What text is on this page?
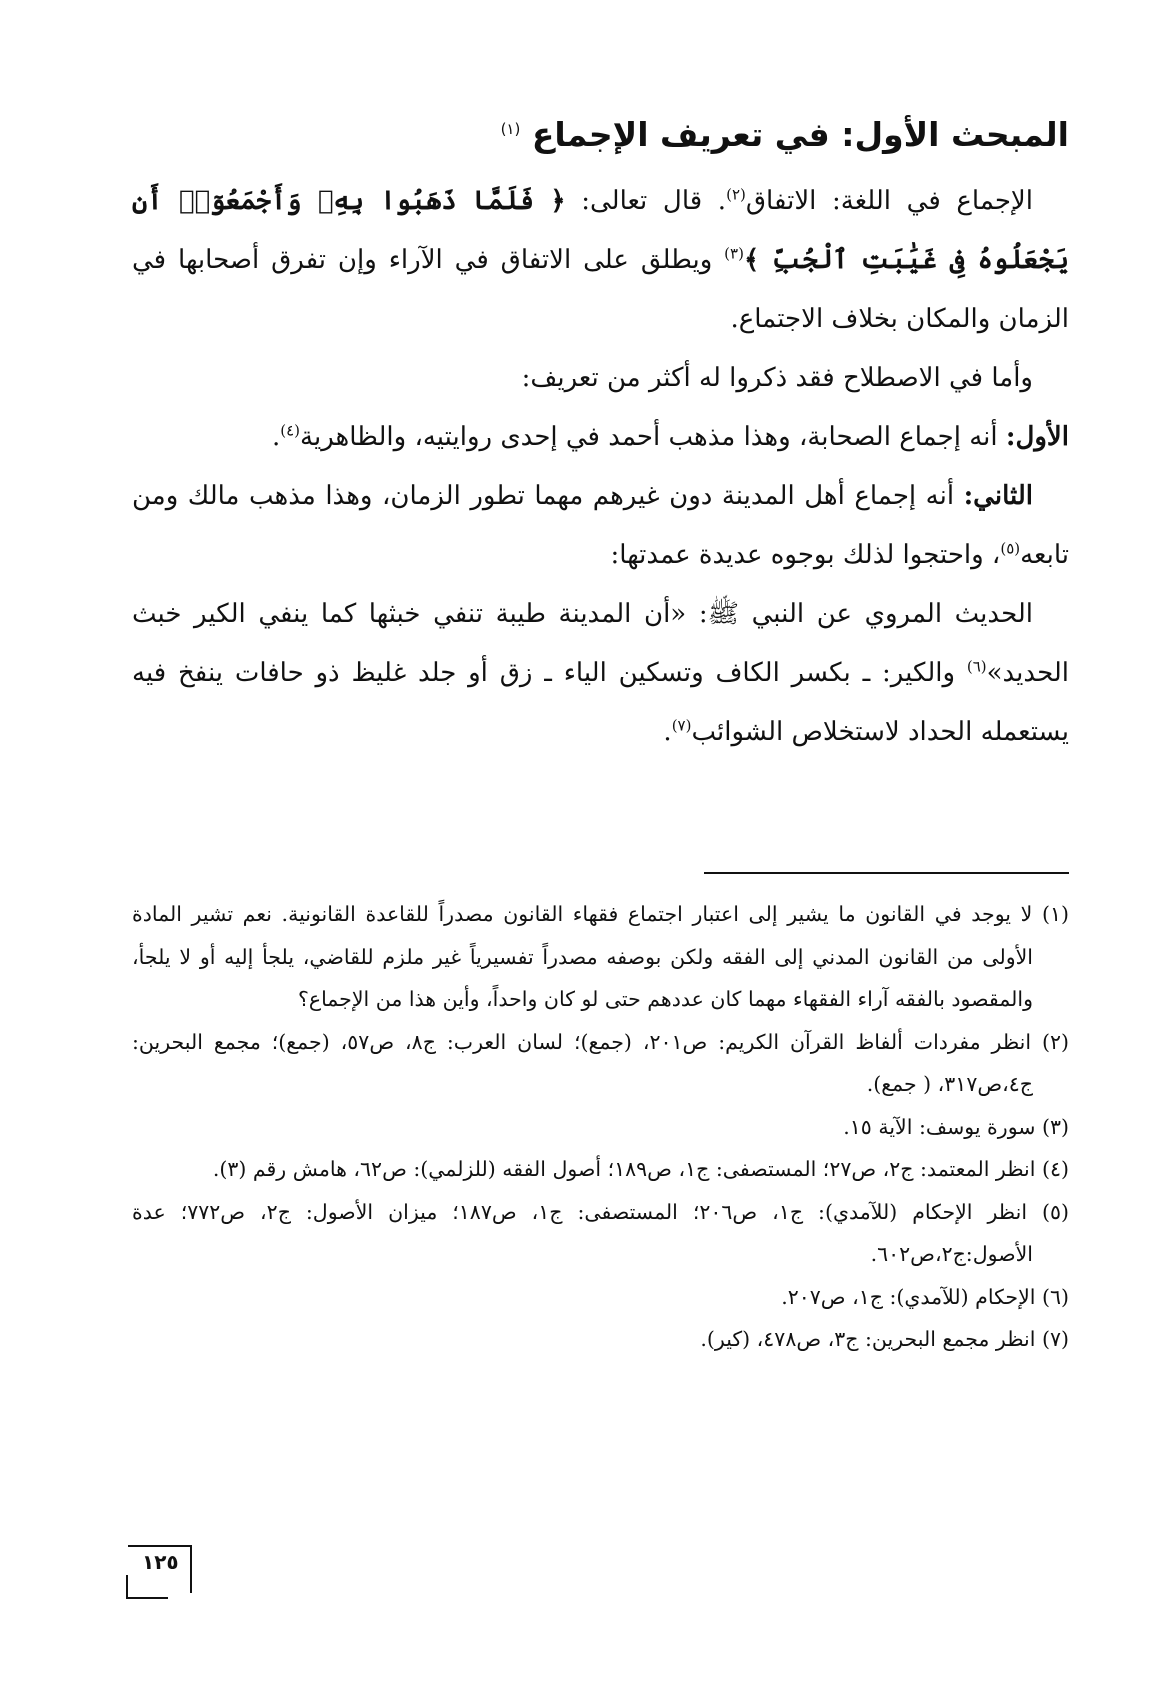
المبحث الأول: في تعريف الإجماع $^{(١)}$

الإجماع في اللغة: الاتفاق$^{(٢)}$. قال تعالى: ﴿ فَلَمَّا ذَهَبُوا بِهِۦ وَأَجْمَعُوٓا۟ أَن يَجْعَلُوهُ فِى غَيَٰبَتِ ٱلْجُبِّ ﴾$^{(٣)}$ ويطلق على الاتفاق في الآراء وإن تفرق أصحابها في الزمان والمكان بخلاف الاجتماع.

وأما في الاصطلاح فقد ذكروا له أكثر من تعريف:

الأول: أنه إجماع الصحابة، وهذا مذهب أحمد في إحدى روايتيه، والظاهرية$^{(٤)}$.

الثاني: أنه إجماع أهل المدينة دون غيرهم مهما تطور الزمان، وهذا مذهب مالك ومن تابعه$^{(٥)}$، واحتجوا لذلك بوجوه عديدة عمدتها:

الحديث المروي عن النبي ﷺ: «أن المدينة طيبة تنفي خبثها كما ينفي الكير خبث الحديد»$^{(٦)}$ والكير: ـ بكسر الكاف وتسكين الياء ـ زق أو جلد غليظ ذو حافات ينفخ فيه يستعمله الحداد لاستخلاص الشوائب$^{(٧)}$.

(١) لا يوجد في القانون ما يشير إلى اعتبار اجتماع فقهاء القانون مصدراً للقاعدة القانونية. نعم تشير المادة الأولى من القانون المدني إلى الفقه ولكن بوصفه مصدراً تفسيرياً غير ملزم للقاضي، يلجأ إليه أو لا يلجأ، والمقصود بالفقه آراء الفقهاء مهما كان عددهم حتى لو كان واحداً، وأين هذا من الإجماع؟

(٢) انظر مفردات ألفاظ القرآن الكريم: ص٢٠١، (جمع)؛ لسان العرب: ج٨، ص٥٧، (جمع)؛ مجمع البحرين: ج٤،ص٣١٧، ( جمع).

(٣) سورة يوسف: الآية ١٥.

(٤) انظر المعتمد: ج٢، ص٢٧؛ المستصفى: ج١، ص١٨٩؛ أصول الفقه (للزلمي): ص٦٢، هامش رقم (٣).

(٥) انظر الإحكام (للآمدي): ج١، ص٢٠٦؛ المستصفى: ج١، ص١٨٧؛ ميزان الأصول: ج٢، ص٧٧٢؛ عدة الأصول:ج٢،ص٦٠٢.

(٦) الإحكام (للآمدي): ج١، ص٢٠٧.

(٧) انظر مجمع البحرين: ج٣، ص٤٧٨، (كير).

١٢٥
